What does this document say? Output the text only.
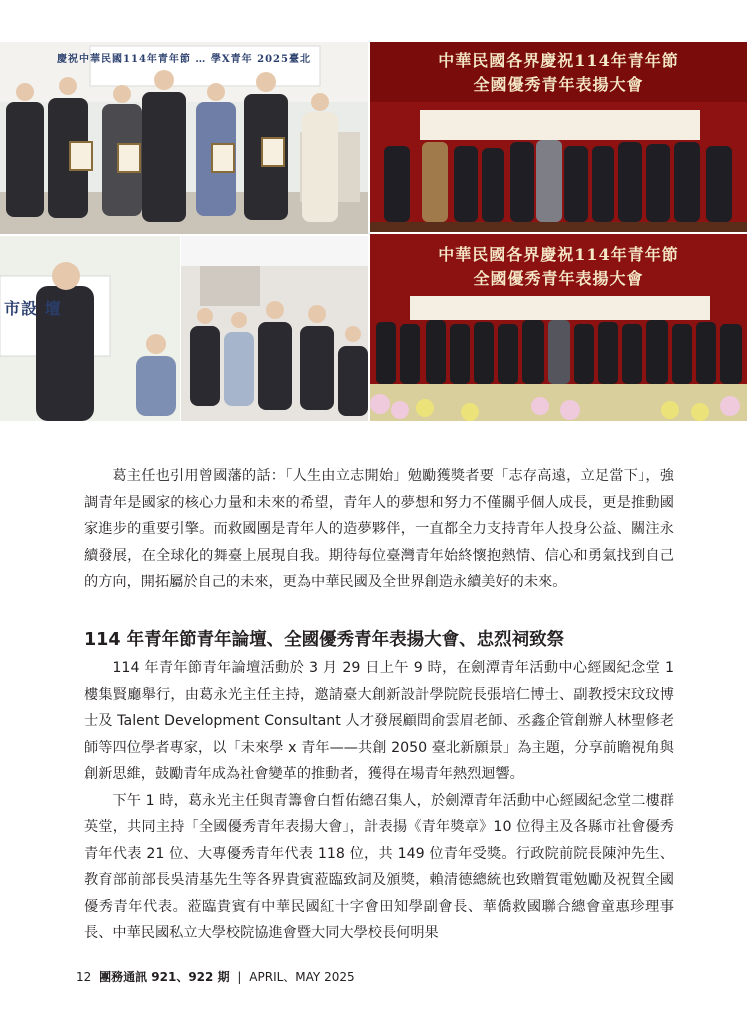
慶祝中華民國114年青年節 … 學X青年 2025臺北	中華民國各界慶祝114年青年節
全國優秀青年表揚大會
市設 壇
中華民國各界慶祝114年青年節
全國優秀青年表揚大會

葛主任也引用曾國藩的話：「人生由立志開始」勉勵獲獎者要「志存高遠，立足當下」，強調青年是國家的核心力量和未來的希望，青年人的夢想和努力不僅關乎個人成長，更是推動國家進步的重要引擎。而救國團是青年人的造夢夥伴，一直都全力支持青年人投身公益、關注永續發展，在全球化的舞臺上展現自我。期待每位臺灣青年始終懷抱熱情、信心和勇氣找到自己的方向，開拓屬於自己的未來，更為中華民國及全世界創造永續美好的未來。

114 年青年節青年論壇、全國優秀青年表揚大會、忠烈祠致祭

114 年青年節青年論壇活動於 3 月 29 日上午 9 時，在劍潭青年活動中心經國紀念堂 1 樓集賢廳舉行，由葛永光主任主持，邀請臺大創新設計學院院長張培仁博士、副教授宋玟玟博士及 Talent Development Consultant 人才發展顧問俞雲眉老師、丞鑫企管創辦人林聖修老師等四位學者專家，以「未來學 x 青年——共創 2050 臺北新願景」為主題，分享前瞻視角與創新思維，鼓勵青年成為社會變革的推動者，獲得在場青年熱烈迴響。

下午 1 時，葛永光主任與青籌會白晳佑總召集人，於劍潭青年活動中心經國紀念堂二樓群英堂，共同主持「全國優秀青年表揚大會」，計表揚《青年獎章》10 位得主及各縣市社會優秀青年代表 21 位、大專優秀青年代表 118 位，共 149 位青年受獎。行政院前院長陳沖先生、教育部前部長吳清基先生等各界貴賓蒞臨致詞及頒獎，賴清德總統也致贈賀電勉勵及祝賀全國優秀青年代表。蒞臨貴賓有中華民國紅十字會田知學副會長、華僑救國聯合總會童惠珍理事長、中華民國私立大學校院協進會暨大同大學校長何明果

12 團務通訊 921、922 期 | APRIL、MAY 2025
